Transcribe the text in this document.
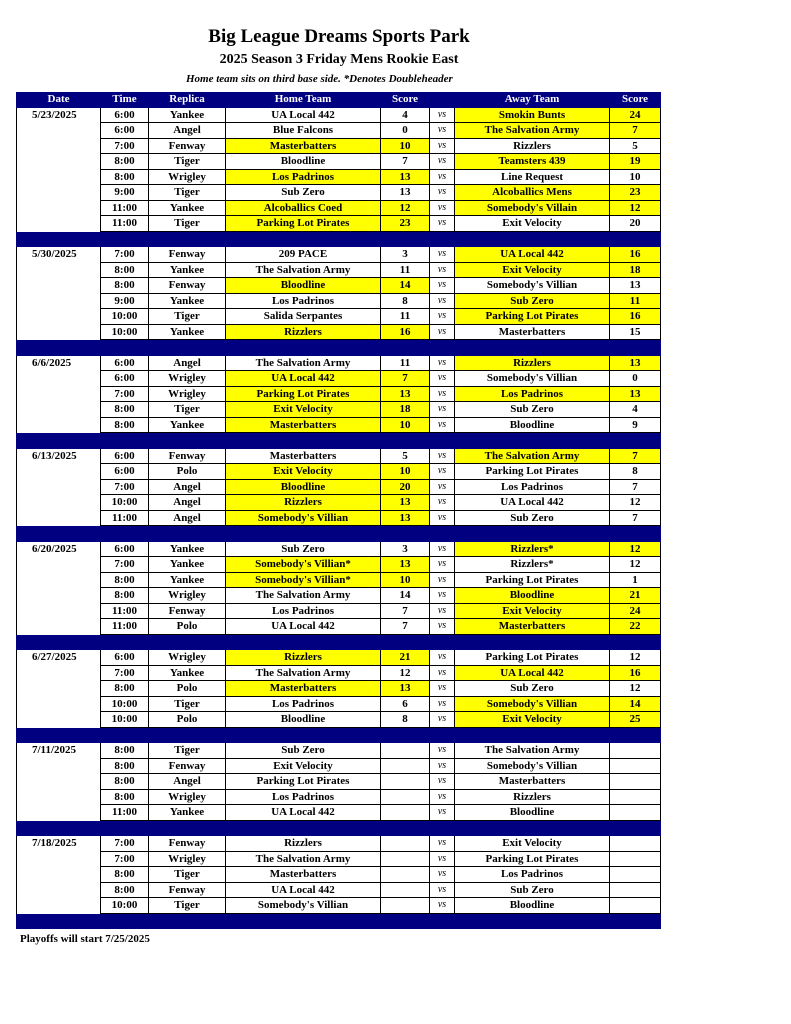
Big League Dreams Sports Park
2025 Season 3 Friday Mens Rookie East
Home team sits on third base side. *Denotes Doubleheader
Date	Time	Replica	Home Team	Score		Away Team	Score
5/23/2025	6:00	Yankee	UA Local 442	4	vs	Smokin Bunts	24
	6:00	Angel	Blue Falcons	0	vs	The Salvation Army	7
	7:00	Fenway	Masterbatters	10	vs	Rizzlers	5
	8:00	Tiger	Bloodline	7	vs	Teamsters 439	19
	8:00	Wrigley	Los Padrinos	13	vs	Line Request	10
	9:00	Tiger	Sub Zero	13	vs	Alcoballics Mens	23
	11:00	Yankee	Alcoballics Coed	12	vs	Somebody's Villain	12
	11:00	Tiger	Parking Lot Pirates	23	vs	Exit Velocity	20

5/30/2025	7:00	Fenway	209 PACE	3	vs	UA Local 442	16
	8:00	Yankee	The Salvation Army	11	vs	Exit Velocity	18
	8:00	Fenway	Bloodline	14	vs	Somebody's Villian	13
	9:00	Yankee	Los Padrinos	8	vs	Sub Zero	11
	10:00	Tiger	Salida Serpantes	11	vs	Parking Lot Pirates	16
	10:00	Yankee	Rizzlers	16	vs	Masterbatters	15

6/6/2025	6:00	Angel	The Salvation Army	11	vs	Rizzlers	13
	6:00	Wrigley	UA Local 442	7	vs	Somebody's Villian	0
	7:00	Wrigley	Parking Lot Pirates	13	vs	Los Padrinos	13
	8:00	Tiger	Exit Velocity	18	vs	Sub Zero	4
	8:00	Yankee	Masterbatters	10	vs	Bloodline	9

6/13/2025	6:00	Fenway	Masterbatters	5	vs	The Salvation Army	7
	6:00	Polo	Exit Velocity	10	vs	Parking Lot Pirates	8
	7:00	Angel	Bloodline	20	vs	Los Padrinos	7
	10:00	Angel	Rizzlers	13	vs	UA Local 442	12
	11:00	Angel	Somebody's Villian	13	vs	Sub Zero	7

6/20/2025	6:00	Yankee	Sub Zero	3	vs	Rizzlers*	12
	7:00	Yankee	Somebody's Villian*	13	vs	Rizzlers*	12
	8:00	Yankee	Somebody's Villian*	10	vs	Parking Lot Pirates	1
	8:00	Wrigley	The Salvation Army	14	vs	Bloodline	21
	11:00	Fenway	Los Padrinos	7	vs	Exit Velocity	24
	11:00	Polo	UA Local 442	7	vs	Masterbatters	22

6/27/2025	6:00	Wrigley	Rizzlers	21	vs	Parking Lot Pirates	12
	7:00	Yankee	The Salvation Army	12	vs	UA Local 442	16
	8:00	Polo	Masterbatters	13	vs	Sub Zero	12
	10:00	Tiger	Los Padrinos	6	vs	Somebody's Villian	14
	10:00	Polo	Bloodline	8	vs	Exit Velocity	25

7/11/2025	8:00	Tiger	Sub Zero		vs	The Salvation Army	
	8:00	Fenway	Exit Velocity		vs	Somebody's Villian	
	8:00	Angel	Parking Lot Pirates		vs	Masterbatters	
	8:00	Wrigley	Los Padrinos		vs	Rizzlers	
	11:00	Yankee	UA Local 442		vs	Bloodline	

7/18/2025	7:00	Fenway	Rizzlers		vs	Exit Velocity	
	7:00	Wrigley	The Salvation Army		vs	Parking Lot Pirates	
	8:00	Tiger	Masterbatters		vs	Los Padrinos	
	8:00	Fenway	UA Local 442		vs	Sub Zero	
	10:00	Tiger	Somebody's Villian		vs	Bloodline	

Playoffs will start 7/25/2025
